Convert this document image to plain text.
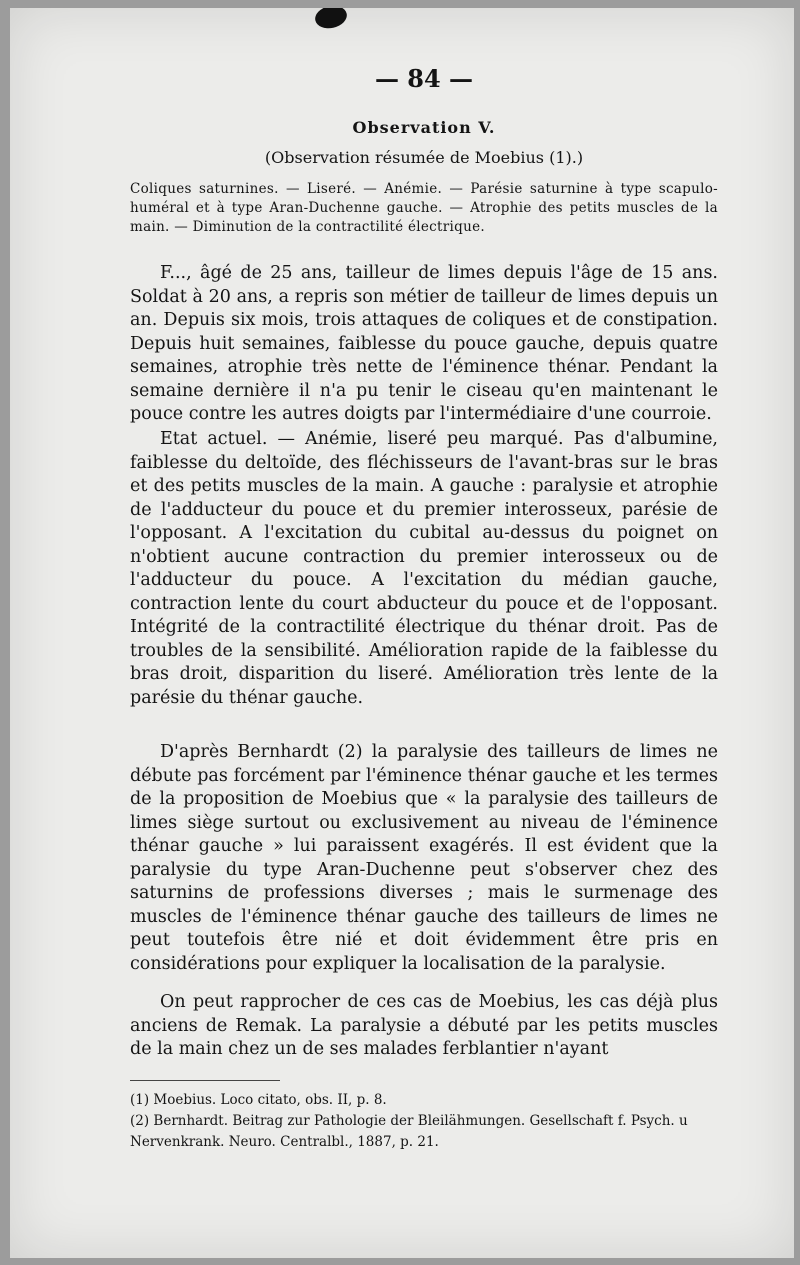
— 84 —
Observation V.
(Observation résumée de Moebius (1).)
Coliques saturnines. — Liseré. — Anémie. — Parésie saturnine à type scapulo-huméral et à type Aran-Duchenne gauche. — Atrophie des petits muscles de la main. — Diminution de la contractilité électrique.

F..., âgé de 25 ans, tailleur de limes depuis l'âge de 15 ans. Soldat à 20 ans, a repris son métier de tailleur de limes depuis un an. Depuis six mois, trois attaques de coliques et de constipation. Depuis huit semaines, faiblesse du pouce gauche, depuis quatre semaines, atrophie très nette de l'éminence thénar. Pendant la semaine dernière il n'a pu tenir le ciseau qu'en maintenant le pouce contre les autres doigts par l'intermédiaire d'une courroie.

Etat actuel. — Anémie, liseré peu marqué. Pas d'albumine, faiblesse du deltoïde, des fléchisseurs de l'avant-bras sur le bras et des petits muscles de la main. A gauche : paralysie et atrophie de l'adducteur du pouce et du premier interosseux, parésie de l'opposant. A l'excitation du cubital au-dessus du poignet on n'obtient aucune contraction du premier interosseux ou de l'adducteur du pouce. A l'excitation du médian gauche, contraction lente du court abducteur du pouce et de l'opposant. Intégrité de la contractilité électrique du thénar droit. Pas de troubles de la sensibilité. Amélioration rapide de la faiblesse du bras droit, disparition du liseré. Amélioration très lente de la parésie du thénar gauche.

D'après Bernhardt (2) la paralysie des tailleurs de limes ne débute pas forcément par l'éminence thénar gauche et les termes de la proposition de Moebius que « la paralysie des tailleurs de limes siège surtout ou exclusivement au niveau de l'éminence thénar gauche » lui paraissent exagérés. Il est évident que la paralysie du type Aran-Duchenne peut s'observer chez des saturnins de professions diverses ; mais le surmenage des muscles de l'éminence thénar gauche des tailleurs de limes ne peut toutefois être nié et doit évidemment être pris en considérations pour expliquer la localisation de la paralysie.

On peut rapprocher de ces cas de Moebius, les cas déjà plus anciens de Remak. La paralysie a débuté par les petits muscles de la main chez un de ses malades ferblantier n'ayant

(1) Moebius. Loco citato, obs. II, p. 8.
(2) Bernhardt. Beitrag zur Pathologie der Bleilähmungen. Gesellschaft f. Psych. u Nervenkrank. Neuro. Centralbl., 1887, p. 21.
